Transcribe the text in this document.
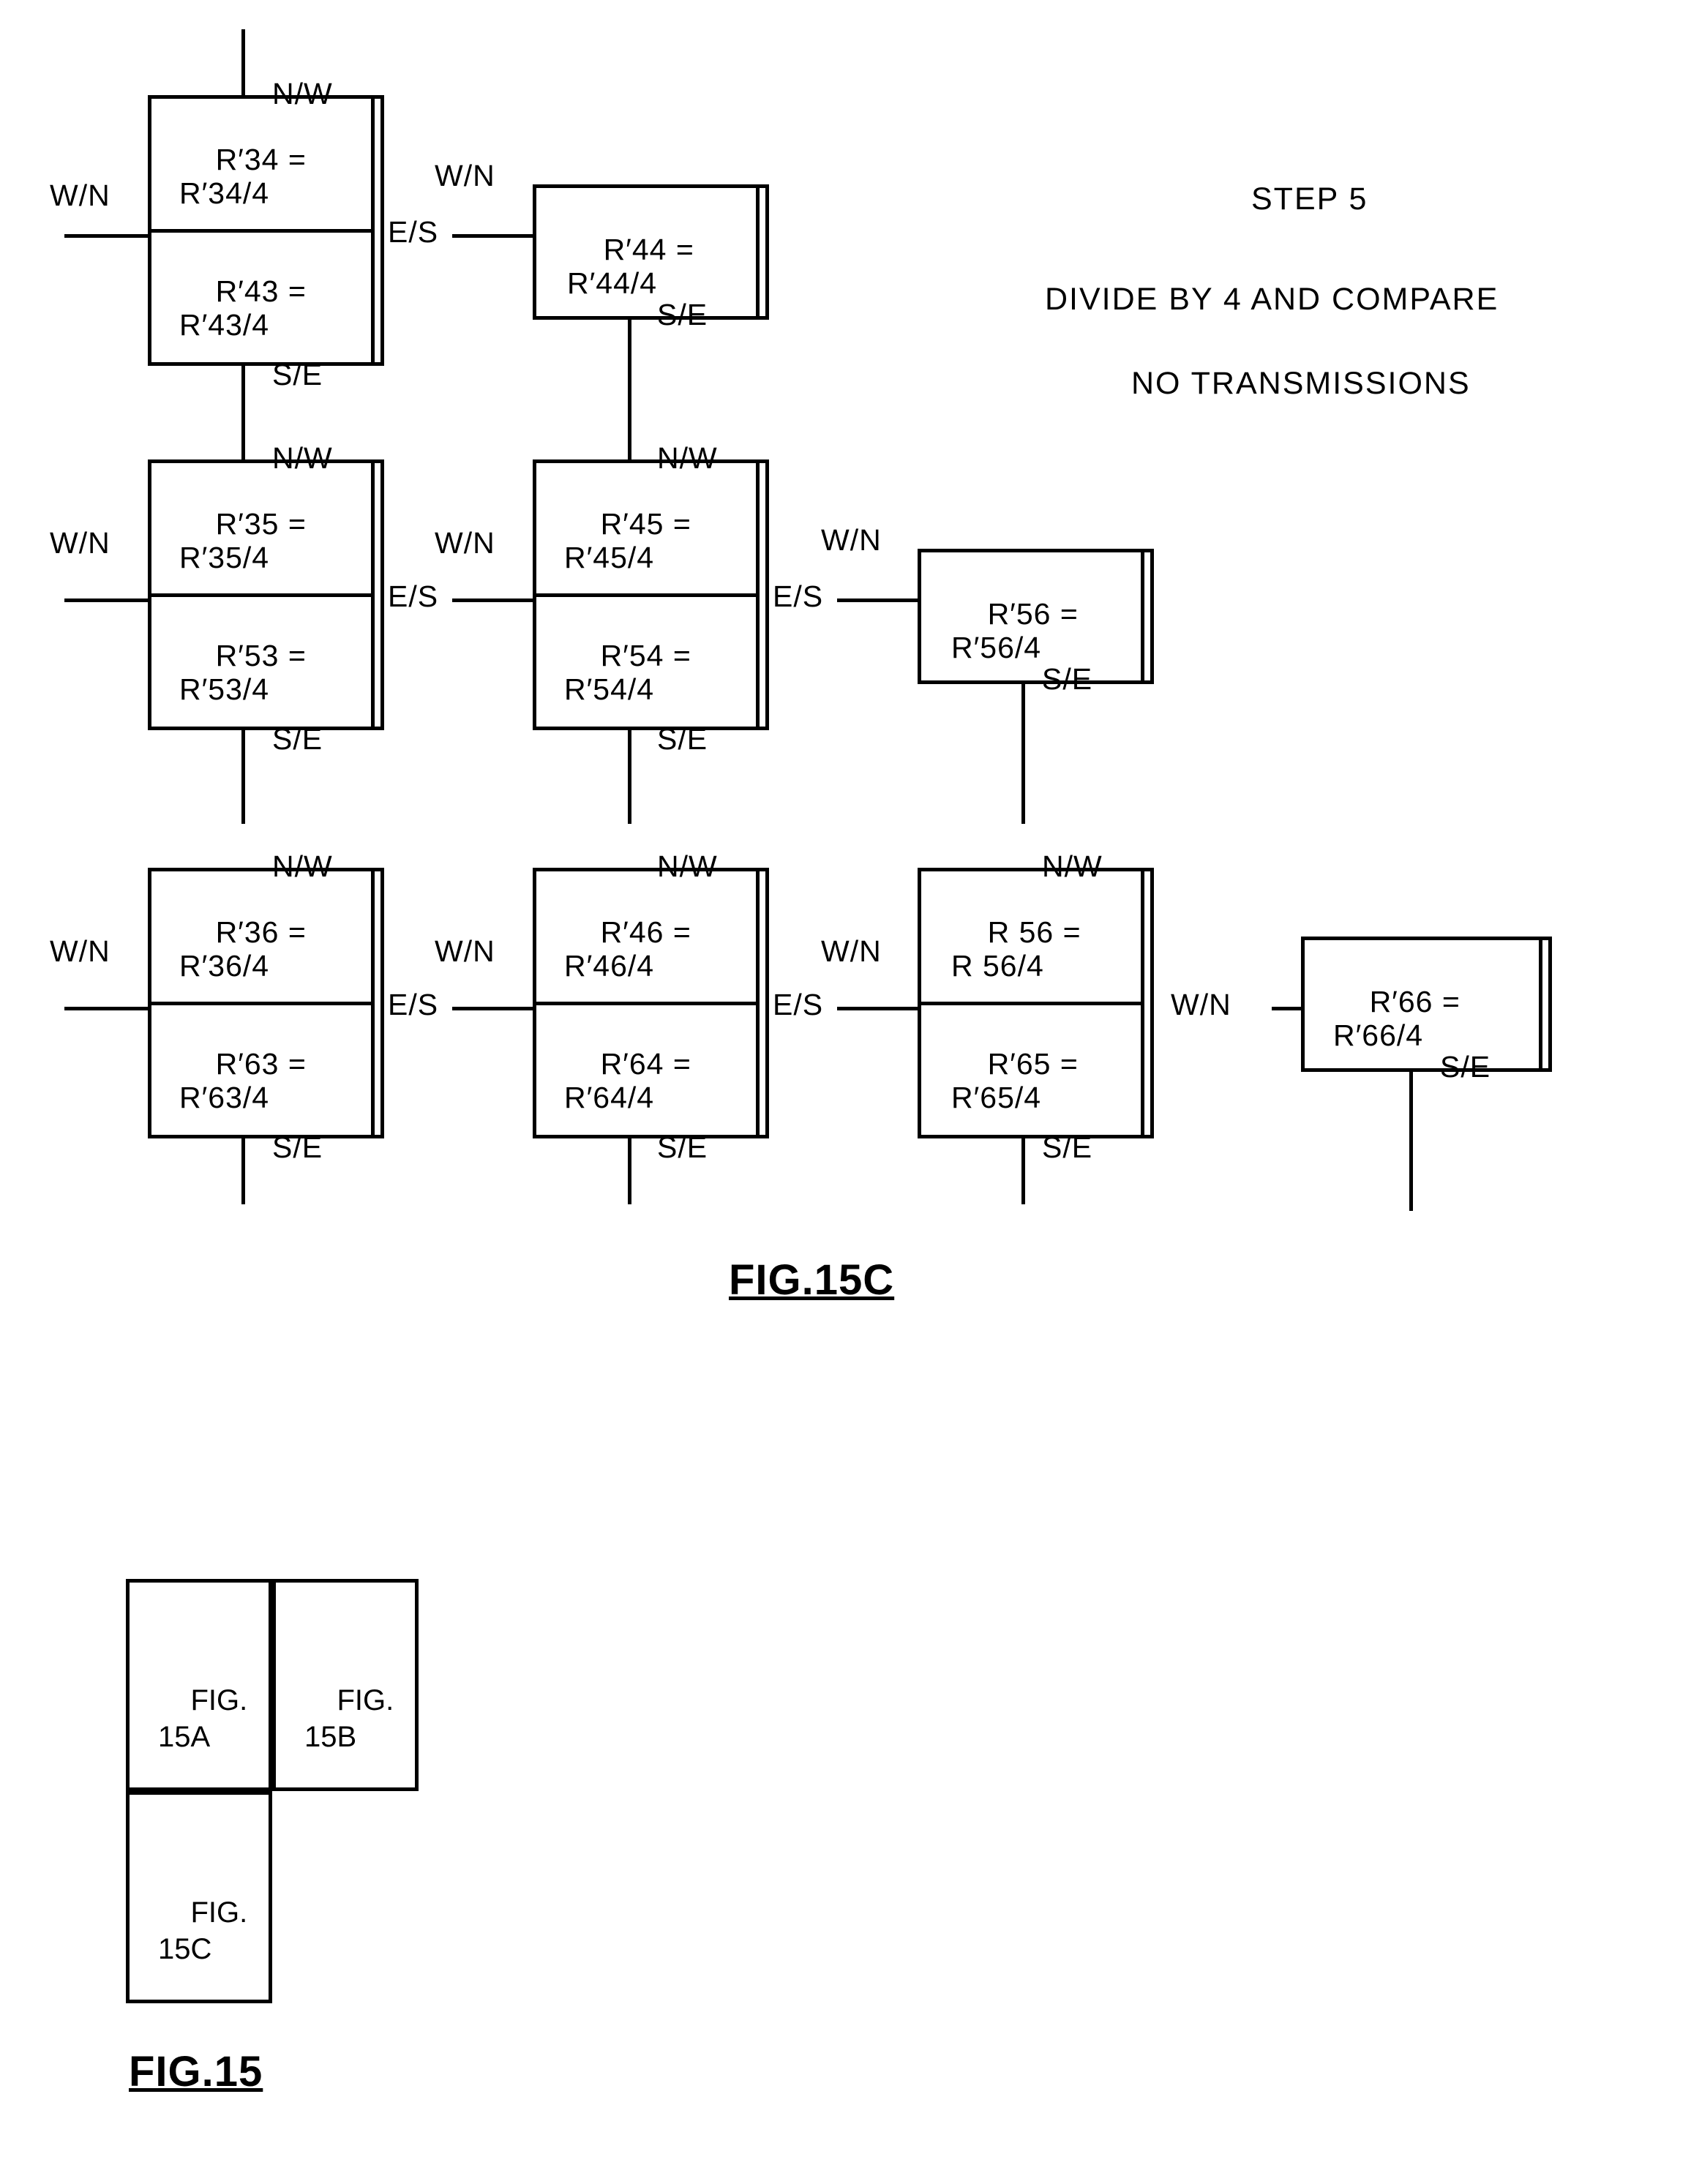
R′34 =
R′34/4

R′43 =
R′43/4

N/W
S/E
W/N
E/S

R′44 =
R′44/4

W/N
S/E

R′35 =
R′35/4

R′53 =
R′53/4

N/W
S/E
W/N
E/S

R′45 =
R′45/4

R′54 =
R′54/4

N/W
S/E
W/N
E/S

R′56 =
R′56/4

W/N
S/E

R′36 =
R′36/4

R′63 =
R′63/4

N/W
S/E
W/N
E/S

R′46 =
R′46/4

R′64 =
R′64/4

N/W
S/E
W/N
E/S

R 56 =
R 56/4

R′65 =
R′65/4

N/W
S/E
W/N
W/N	R′66 =
R′66/4

S/E
STEP 5
DIVIDE BY 4 AND COMPARE
NO TRANSMISSIONS
FIG.15C

FIG.
15A

FIG.
15B

FIG.
15C

FIG.15
